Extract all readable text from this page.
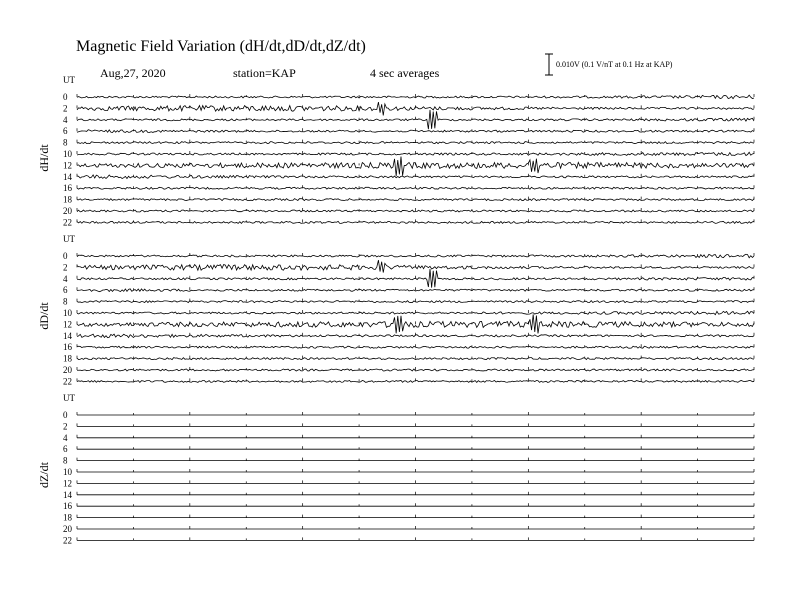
Magnetic Field Variation (dH/dt,dD/dt,dZ/dt)
Aug,27, 2020	station=KAP	4 sec averages
0.010V (0.1 V/nT at 0.1 Hz at KAP)
UT
dH/dt
0
2
4
6
8
10
12
14
16
18
20
22
UT
dD/dt
0
2
4
6
8
10
12
14
16
18
20
22
UT
dZ/dt
0
2
4
6
8
10
12
14
16
18
20
22
